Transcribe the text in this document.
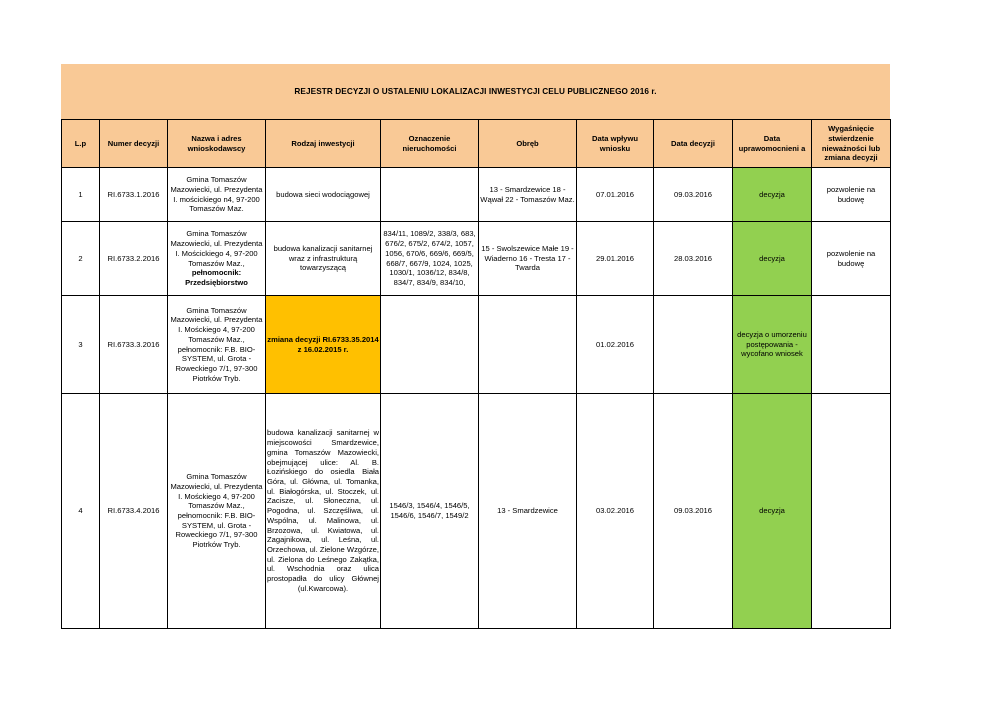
REJESTR DECYZJI O USTALENIU LOKALIZACJI INWESTYCJI CELU PUBLICZNEGO 2016 r.
L.p	Numer decyzji	Nazwa i adres wnioskodawscy	Rodzaj inwestycji	Oznaczenie nieruchomości	Obręb	Data wpływu wniosku	Data decyzji	Data uprawomocnieni a	Wygaśnięcie stwierdzenie nieważności lub zmiana decyzji
1	RI.6733.1.2016	Gmina Tomaszów Mazowiecki, ul. Prezydenta I. mościckiego n4, 97-200 Tomaszów Maz.	budowa sieci wodociągowej		13 - Smardzewice 18 - Wąwał 22 - Tomaszów Maz.	07.01.2016	09.03.2016	decyzja	pozwolenie na budowę
2	RI.6733.2.2016	Gmina Tomaszów Mazowiecki, ul. Prezydenta I. Mościckiego 4, 97-200 Tomaszów Maz., pełnomocnik: Przedsiębiorstwo	budowa kanalizacji sanitarnej wraz z infrastrukturą towarzyszącą	834/11, 1089/2, 338/3, 683, 676/2, 675/2, 674/2, 1057, 1056, 670/6, 669/6, 669/5, 668/7, 667/9, 1024, 1025, 1030/1, 1036/12, 834/8, 834/7, 834/9, 834/10,	15 - Swolszewice Małe 19 - Wiaderno 16 - Tresta 17 - Twarda	29.01.2016	28.03.2016	decyzja	pozwolenie na budowę
3	RI.6733.3.2016	Gmina Tomaszów Mazowiecki, ul. Prezydenta I. Mośckiego 4, 97-200 Tomaszów Maz., pełnomocnik: F.B. BIO-SYSTEM, ul. Grota - Roweckiego 7/1, 97-300 Piotrków Tryb.	zmiana decyzji RI.6733.35.2014 z 16.02.2015 r.			01.02.2016		decyzja o umorzeniu postępowania - wycofano wniosek	
4	RI.6733.4.2016	Gmina Tomaszów Mazowiecki, ul. Prezydenta I. Mośckiego 4, 97-200 Tomaszów Maz., pełnomocnik: F.B. BIO-SYSTEM, ul. Grota - Roweckiego 7/1, 97-300 Piotrków Tryb.	budowa kanalizacji sanitarnej w miejscowości Smardzewice, gmina Tomaszów Mazowiecki, obejmującej ulice: Al. B. Łozińskiego do osiedla Biała Góra, ul. Główna, ul. Tomanka, ul. Białogórska, ul. Stoczek, ul. Zacisze, ul. Słoneczna, ul. Pogodna, ul. Szczęśliwa, ul. Wspólna, ul. Malinowa, ul. Brzozowa, ul. Kwiatowa, ul. Zagajnikowa, ul. Leśna, ul. Orzechowa, ul. Zielone Wzgórze, ul. Zielona do Leśnego Zakątka, ul. Wschodnia oraz ulica prostopadła do ulicy Głównej (ul.Kwarcowa).	1546/3, 1546/4, 1546/5, 1546/6, 1546/7, 1549/2	13 - Smardzewice	03.02.2016	09.03.2016	decyzja	
